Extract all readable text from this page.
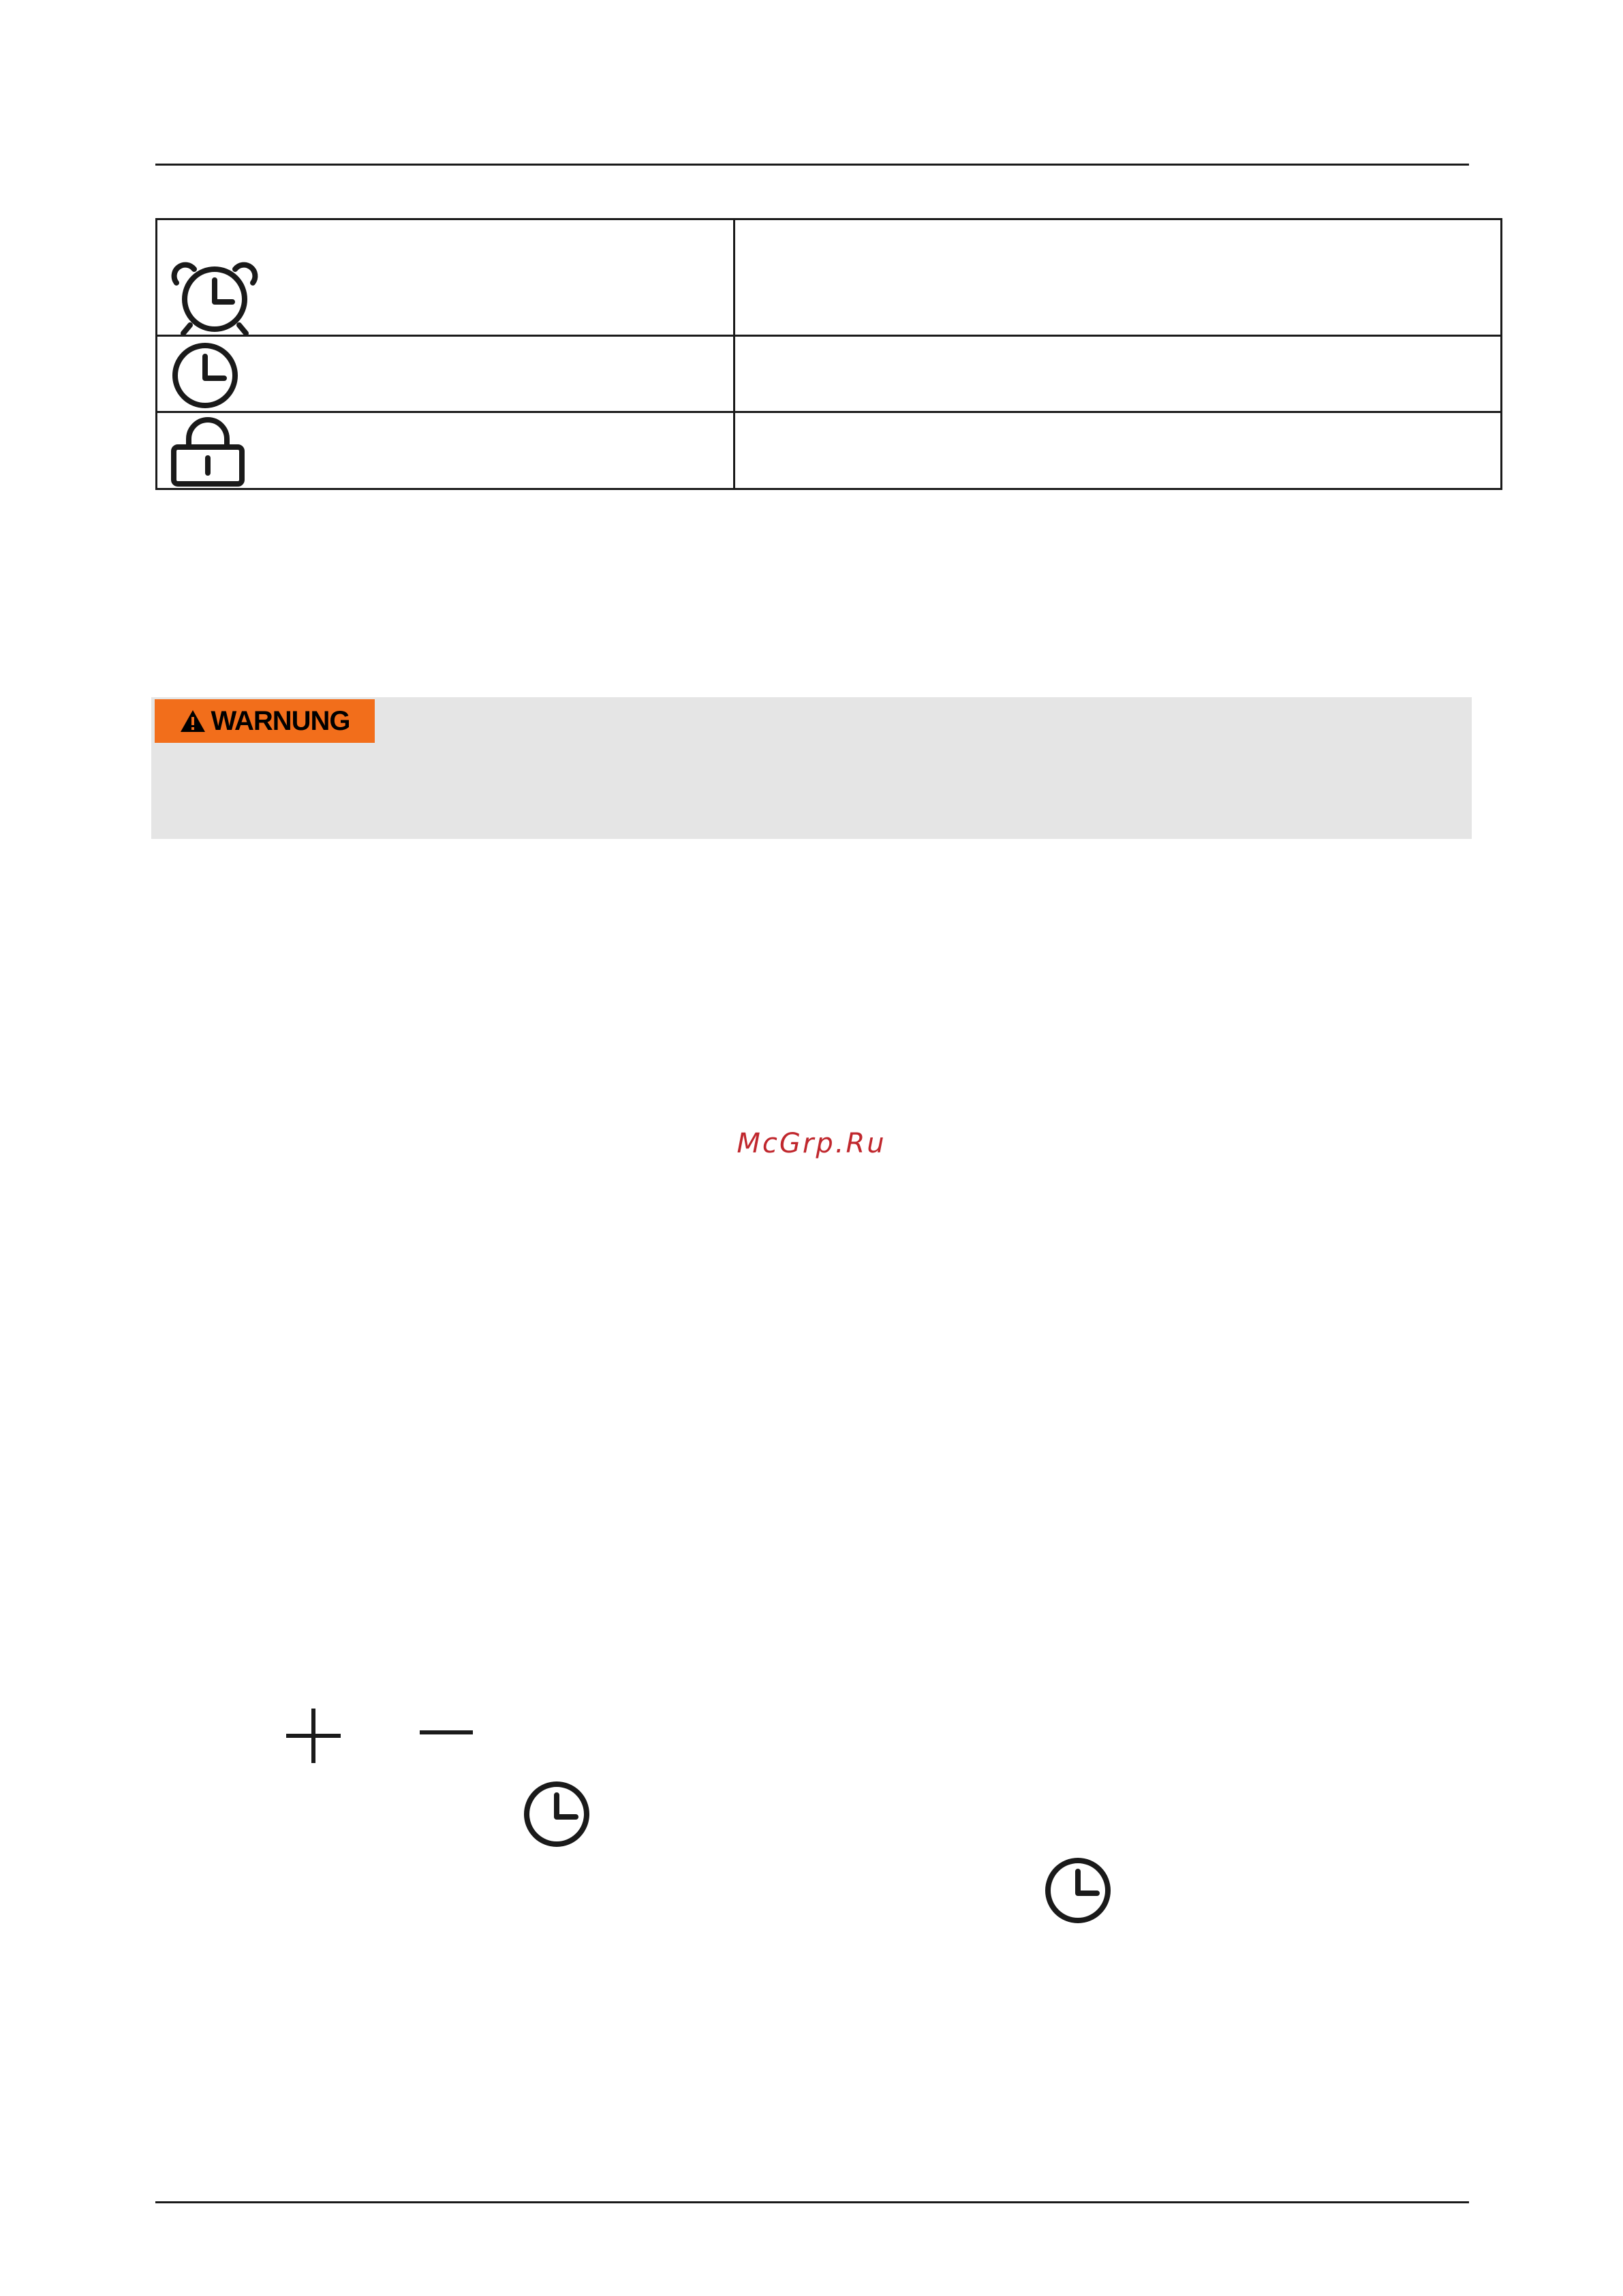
WARNUNG
McGrp.Ru
